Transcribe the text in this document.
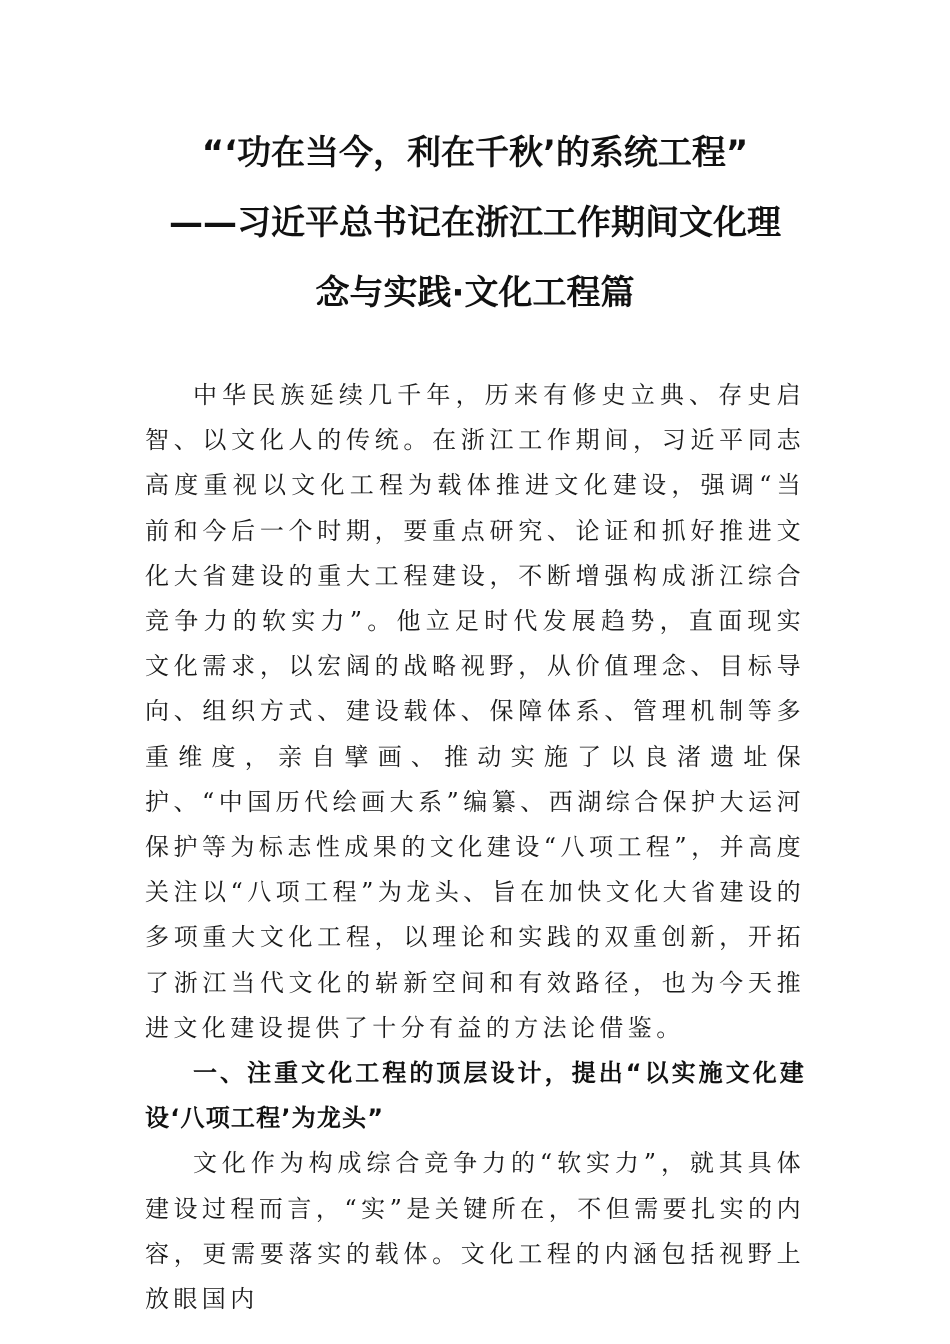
“‘功在当今，利在千秋’的系统工程”
——习近平总书记在浙江工作期间文化理
念与实践·文化工程篇

中华民族延续几千年，历来有修史立典、存史启智、以文化人的传统。在浙江工作期间，习近平同志高度重视以文化工程为载体推进文化建设，强调“当前和今后一个时期，要重点研究、论证和抓好推进文化大省建设的重大工程建设，不断增强构成浙江综合竞争力的软实力”。他立足时代发展趋势，直面现实文化需求，以宏阔的战略视野，从价值理念、目标导向、组织方式、建设载体、保障体系、管理机制等多重维度，亲自擘画、推动实施了以良渚遗址保护、“中国历代绘画大系”编纂、西湖综合保护大运河保护等为标志性成果的文化建设“八项工程”，并高度关注以“八项工程”为龙头、旨在加快文化大省建设的多项重大文化工程，以理论和实践的双重创新，开拓了浙江当代文化的崭新空间和有效路径，也为今天推进文化建设提供了十分有益的方法论借鉴。

一、注重文化工程的顶层设计，提出“以实施文化建设‘八项工程’为龙头”

文化作为构成综合竞争力的“软实力”，就其具体建设过程而言，“实”是关键所在，不但需要扎实的内容，更需要落实的载体。文化工程的内涵包括视野上放眼国内
